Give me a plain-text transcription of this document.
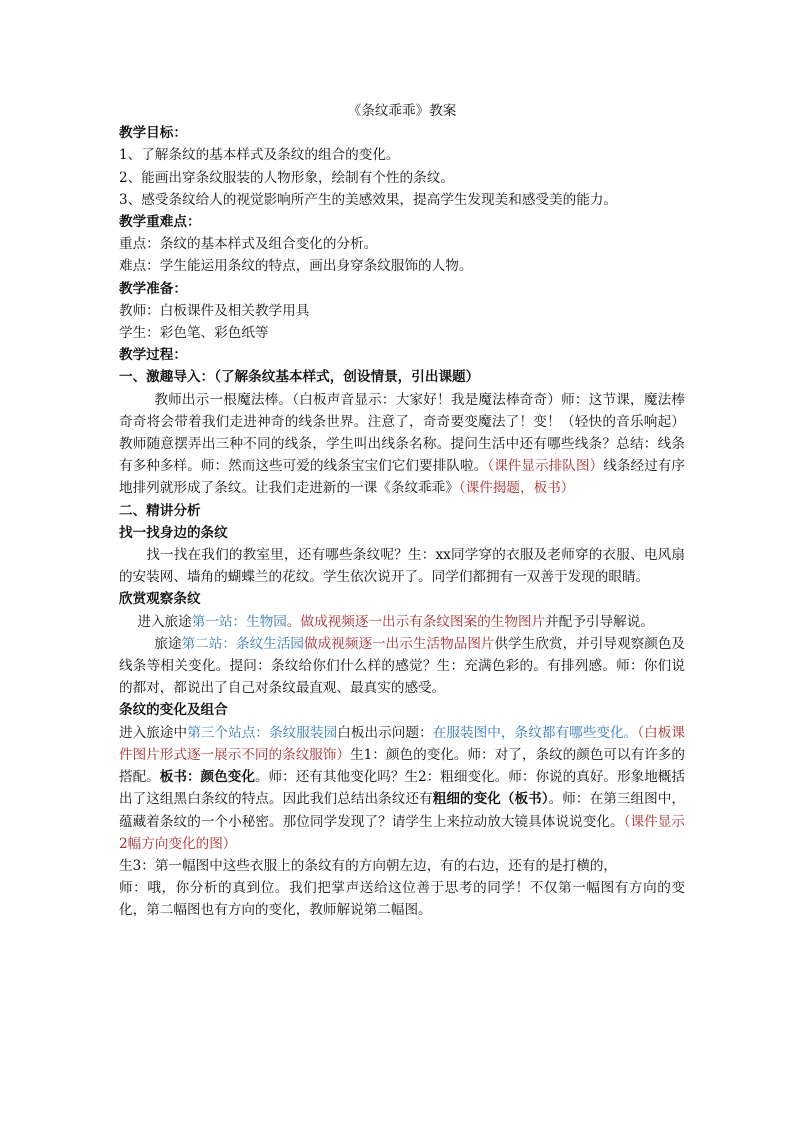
《条纹乖乖》教案

教学目标：

1、了解条纹的基本样式及条纹的组合的变化。

2、能画出穿条纹服装的人物形象，绘制有个性的条纹。

3、感受条纹给人的视觉影响所产生的美感效果，提高学生发现美和感受美的能力。

教学重难点：

重点：条纹的基本样式及组合变化的分析。

难点：学生能运用条纹的特点，画出身穿条纹服饰的人物。

教学准备：

教师：白板课件及相关教学用具

学生：彩色笔、彩色纸等

教学过程：

一、激趣导入：（了解条纹基本样式，创设情景，引出课题）

教师出示一根魔法棒。（白板声音显示：大家好！我是魔法棒奇奇）师：这节课，魔法棒奇奇将会带着我们走进神奇的线条世界。注意了，奇奇要变魔法了！变！（轻快的音乐响起）教师随意摆弄出三种不同的线条，学生叫出线条名称。提问生活中还有哪些线条？总结：线条有多种多样。师：然而这些可爱的线条宝宝们它们要排队啦。（课件显示排队图）线条经过有序地排列就形成了条纹。让我们走进新的一课《条纹乖乖》（课件揭题，板书）

二、精讲分析

找一找身边的条纹

找一找在我们的教室里，还有哪些条纹呢？生：xx同学穿的衣服及老师穿的衣服、电风扇的安装网、墙角的蝴蝶兰的花纹。学生依次说开了。同学们都拥有一双善于发现的眼睛。

欣赏观察条纹

进入旅途第一站：生物园。做成视频逐一出示有条纹图案的生物图片并配予引导解说。

旅途第二站：条纹生活园做成视频逐一出示生活物品图片供学生欣赏，并引导观察颜色及线条等相关变化。提问：条纹给你们什么样的感觉？生：充满色彩的。有排列感。师：你们说的都对，都说出了自己对条纹最直观、最真实的感受。

条纹的变化及组合

进入旅途中第三个站点：条纹服装园白板出示问题：在服装图中，条纹都有哪些变化。（白板课件图片形式逐一展示不同的条纹服饰）生1：颜色的变化。师：对了，条纹的颜色可以有许多的搭配。板书：颜色变化。师：还有其他变化吗？生2：粗细变化。师：你说的真好。形象地概括出了这组黑白条纹的特点。因此我们总结出条纹还有粗细的变化（板书）。师：在第三组图中，蕴藏着条纹的一个小秘密。那位同学发现了？请学生上来拉动放大镜具体说说变化。（课件显示2幅方向变化的图）

生3：第一幅图中这些衣服上的条纹有的方向朝左边，有的右边，还有的是打横的，

师：哦，你分析的真到位。我们把掌声送给这位善于思考的同学！不仅第一幅图有方向的变化，第二幅图也有方向的变化，教师解说第二幅图。
